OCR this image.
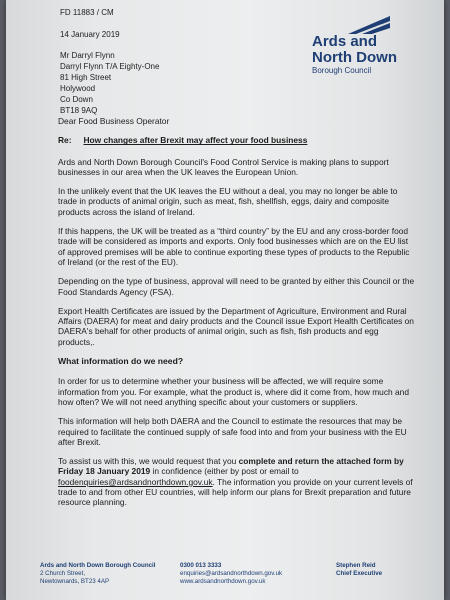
FD 11883 / CM
14 January 2019
Mr Darryl Flynn
Darryl Flynn T/A Eighty-One
81 High Street
Holywood
Co Down
BT18 9AQ
Ards and
North Down
Borough Council

Dear Food Business Operator

Re: How changes after Brexit may affect your food business

Ards and North Down Borough Council's Food Control Service is making plans to support businesses in our area when the UK leaves the European Union.

In the unlikely event that the UK leaves the EU without a deal, you may no longer be able to trade in products of animal origin, such as meat, fish, shellfish, eggs, dairy and composite products across the island of Ireland.

If this happens, the UK will be treated as a “third country” by the EU and any cross-border food trade will be considered as imports and exports. Only food businesses which are on the EU list of approved premises will be able to continue exporting these types of products to the Republic of Ireland (or the rest of the EU).

Depending on the type of business, approval will need to be granted by either this Council or the Food Standards Agency (FSA).

Export Health Certificates are issued by the Department of Agriculture, Environment and Rural Affairs (DAERA) for meat and dairy products and the Council issue Export Health Certificates on DAERA's behalf for other products of animal origin, such as fish, fish products and egg products,.

What information do we need?

In order for us to determine whether your business will be affected, we will require some information from you. For example, what the product is, where did it come from, how much and how often? We will not need anything specific about your customers or suppliers.

This information will help both DAERA and the Council to estimate the resources that may be required to facilitate the continued supply of safe food into and from your business with the EU after Brexit.

To assist us with this, we would request that you complete and return the attached form by Friday 18 January 2019 in confidence (either by post or email to foodenquiries@ardsandnorthdown.gov.uk. The information you provide on your current levels of trade to and from other EU countries, will help inform our plans for Brexit preparation and future resource planning.

Ards and North Down Borough Council
2 Church Street,
Newtownards, BT23 4AP
0300 013 3333
enquiries@ardsandnorthdown.gov.uk
www.ardsandnorthdown.gov.uk
Stephen Reid
Chief Executive
